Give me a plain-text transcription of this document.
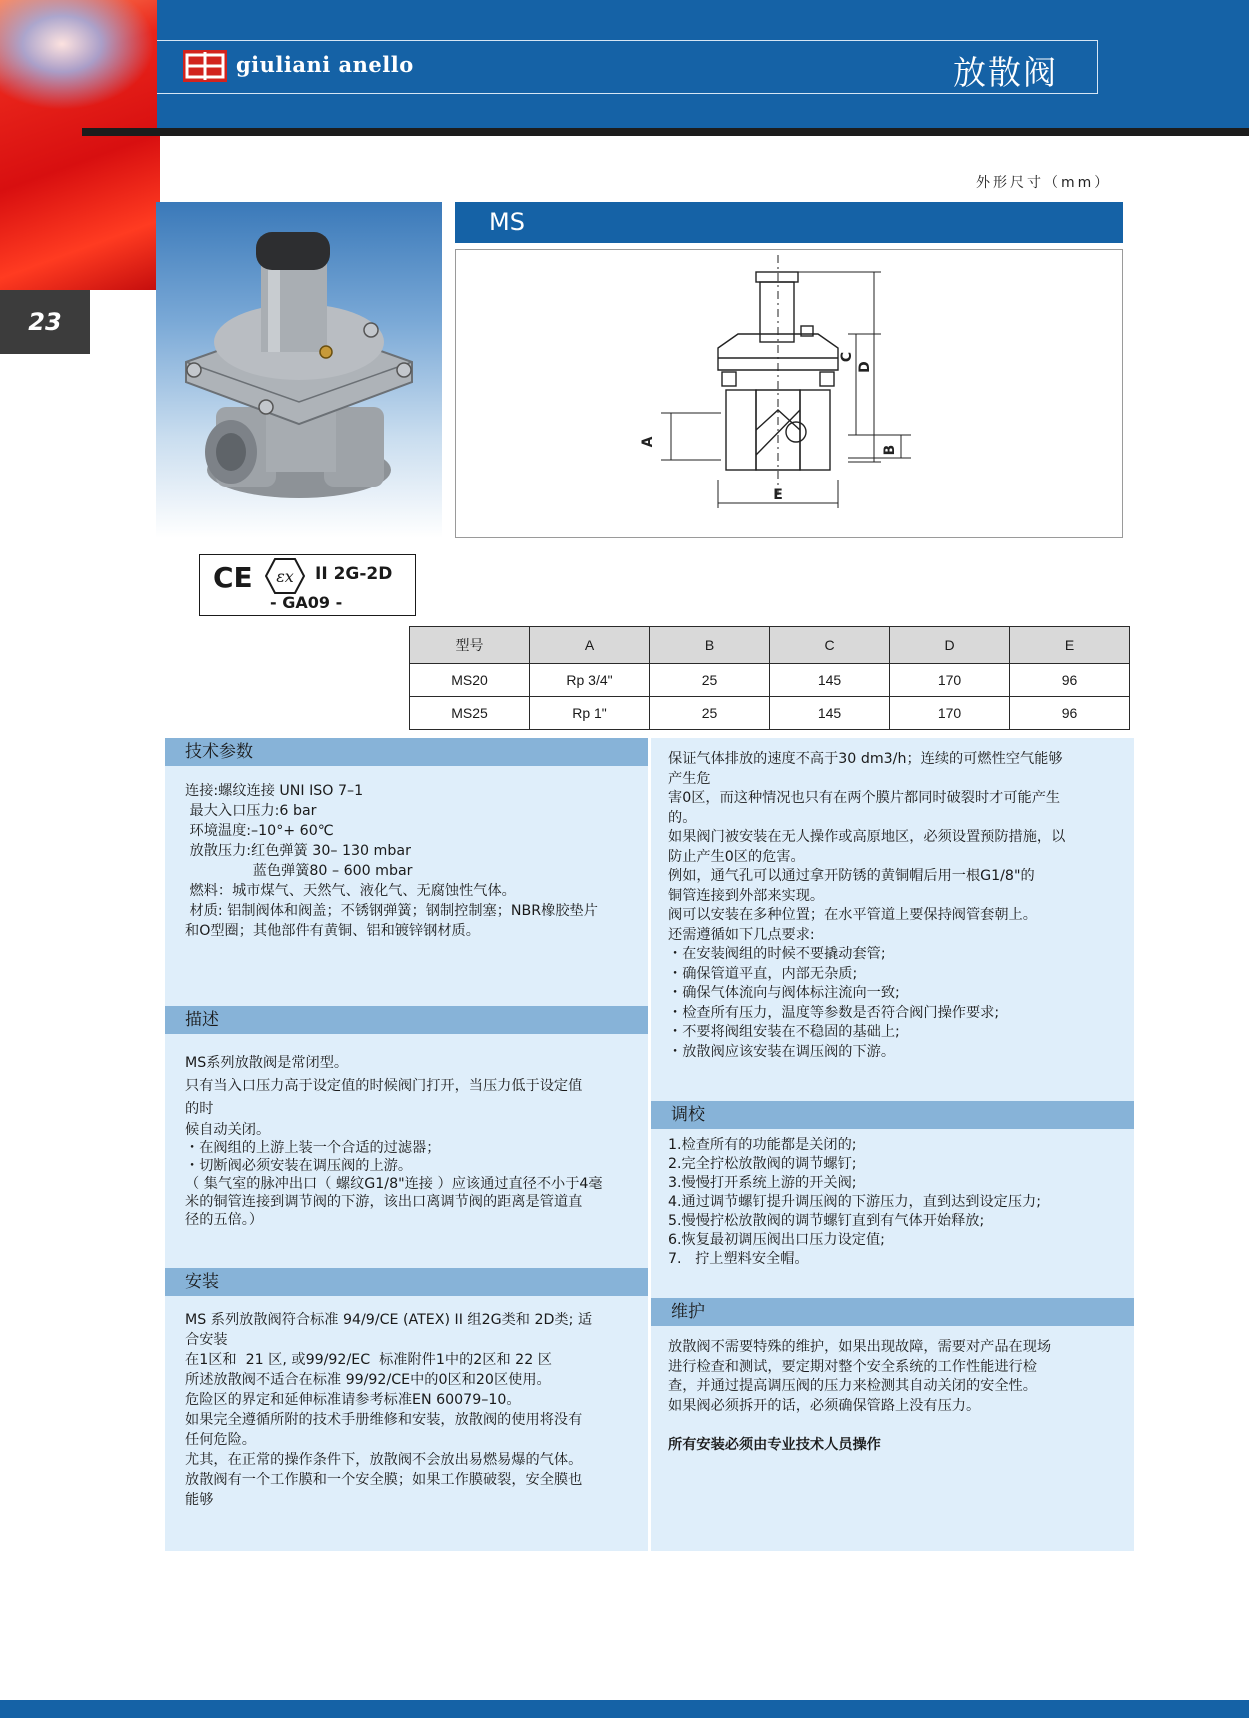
giuliani anello	放散阀
23
外形尺寸（mm）
MS
A
B
C
D
E
CE εx II 2G-2D
- GA09 -
型号	A	B	C	D	E
MS20	Rp 3/4"	25	145	170	96
MS25	Rp 1"	25	145	170	96
技术参数
连接:螺纹连接 UNI ISO 7–1
最大入口压力:6 bar
环境温度:–10°+ 60℃
放散压力:红色弹簧 30– 130 mbar
蓝色弹簧80 – 600 mbar
燃料：城市煤气、天然气、液化气、无腐蚀性气体。
材质: 铝制阀体和阀盖；不锈钢弹簧；钢制控制塞；NBR橡胶垫片
和O型圈；其他部件有黄铜、铝和镀锌钢材质。
描述
MS系列放散阀是常闭型。
只有当入口压力高于设定值的时候阀门打开，当压力低于设定值
的时
候自动关闭。
・在阀组的上游上装一个合适的过滤器；
・切断阀必须安装在调压阀的上游。
（ 集气室的脉冲出口（ 螺纹G1/8"连接 ）应该通过直径不小于4毫
米的铜管连接到调节阀的下游，该出口离调节阀的距离是管道直
径的五倍。）
安装
MS 系列放散阀符合标准 94/9/CE (ATEX) II 组2G类和 2D类; 适
合安装
在1区和  21 区, 或99/92/EC  标准附件1中的2区和 22 区
所述放散阀不适合在标准 99/92/CE中的0区和20区使用。
危险区的界定和延伸标准请参考标准EN 60079–10。
如果完全遵循所附的技术手册维修和安装，放散阀的使用将没有
任何危险。
尤其，在正常的操作条件下，放散阀不会放出易燃易爆的气体。
放散阀有一个工作膜和一个安全膜；如果工作膜破裂，安全膜也
能够
保证气体排放的速度不高于30 dm3/h；连续的可燃性空气能够
产生危
害0区，而这种情况也只有在两个膜片都同时破裂时才可能产生
的。
如果阀门被安装在无人操作或高原地区，必须设置预防措施，以
防止产生0区的危害。
例如，通气孔可以通过拿开防锈的黄铜帽后用一根G1/8"的
铜管连接到外部来实现。
阀可以安装在多种位置；在水平管道上要保持阀管套朝上。
还需遵循如下几点要求:
・在安装阀组的时候不要撬动套管;
・确保管道平直，内部无杂质;
・确保气体流向与阀体标注流向一致;
・检查所有压力，温度等参数是否符合阀门操作要求;
・不要将阀组安装在不稳固的基础上;
・放散阀应该安装在调压阀的下游。
调校
1.检查所有的功能都是关闭的;
2.完全拧松放散阀的调节螺钉;
3.慢慢打开系统上游的开关阀;
4.通过调节螺钉提升调压阀的下游压力，直到达到设定压力;
5.慢慢拧松放散阀的调节螺钉直到有气体开始释放;
6.恢复最初调压阀出口压力设定值;
7.   拧上塑料安全帽。
维护
放散阀不需要特殊的维护，如果出现故障，需要对产品在现场
进行检查和测试，要定期对整个安全系统的工作性能进行检
查，并通过提高调压阀的压力来检测其自动关闭的安全性。
如果阀必须拆开的话，必须确保管路上没有压力。
所有安装必须由专业技术人员操作
